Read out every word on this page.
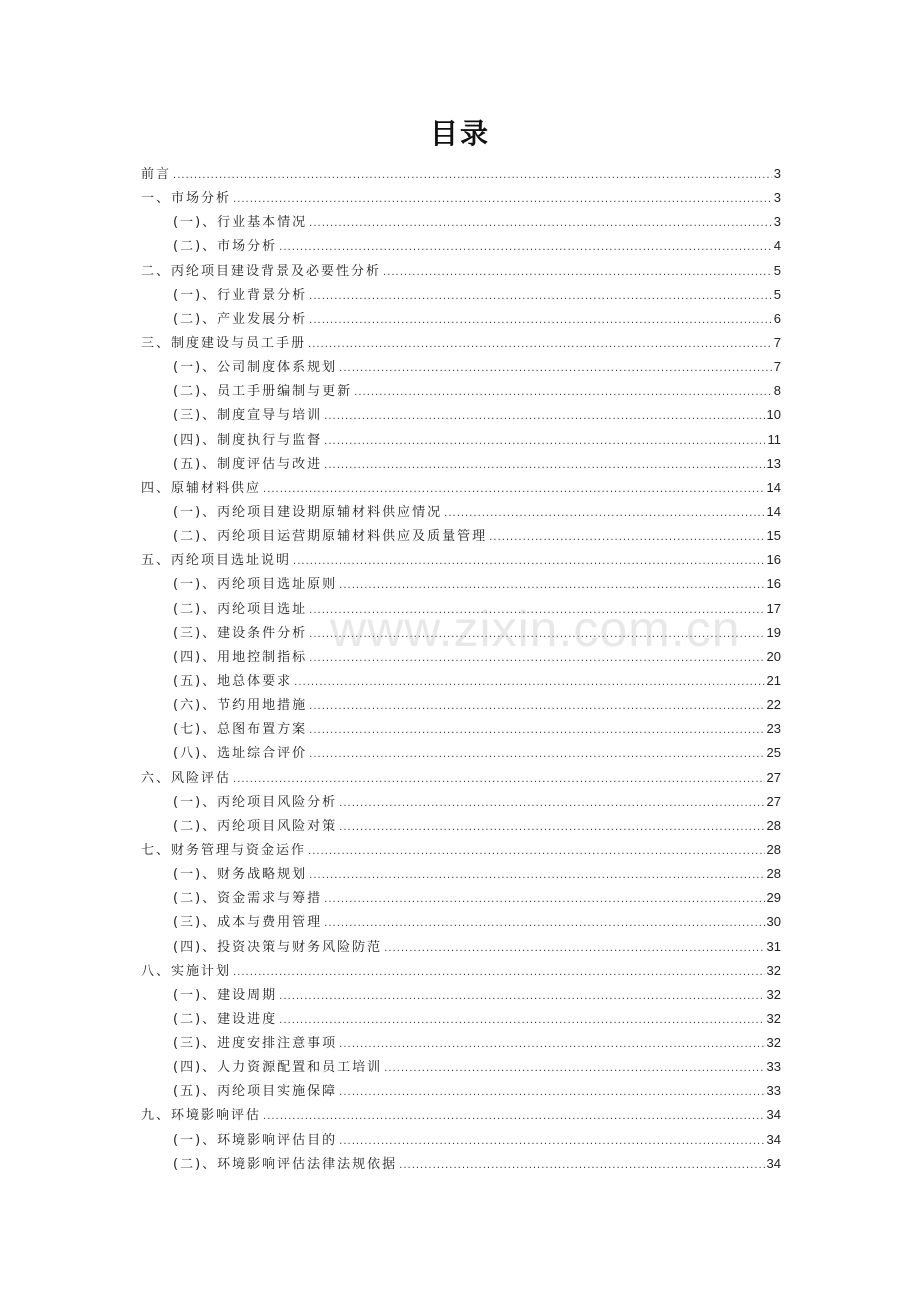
目录
前言 .....	3
一、市场分析 .....	3
(一)、行业基本情况 .....	3
(二)、市场分析 .....	4
二、丙纶项目建设背景及必要性分析 .....	5
(一)、行业背景分析 .....	5
(二)、产业发展分析 .....	6
三、制度建设与员工手册 .....	7
(一)、公司制度体系规划 .....	7
(二)、员工手册编制与更新 .....	8
(三)、制度宣导与培训 .....	10
(四)、制度执行与监督 .....	11
(五)、制度评估与改进 .....	13
四、原辅材料供应 .....	14
(一)、丙纶项目建设期原辅材料供应情况 .....	14
(二)、丙纶项目运营期原辅材料供应及质量管理 .....	15
五、丙纶项目选址说明 .....	16
(一)、丙纶项目选址原则 .....	16
(二)、丙纶项目选址 .....	17
(三)、建设条件分析 .....	19
(四)、用地控制指标 .....	20
(五)、地总体要求 .....	21
(六)、节约用地措施 .....	22
(七)、总图布置方案 .....	23
(八)、选址综合评价 .....	25
六、风险评估 .....	27
(一)、丙纶项目风险分析 .....	27
(二)、丙纶项目风险对策 .....	28
七、财务管理与资金运作 .....	28
(一)、财务战略规划 .....	28
(二)、资金需求与筹措 .....	29
(三)、成本与费用管理 .....	30
(四)、投资决策与财务风险防范 .....	31
八、实施计划 .....	32
(一)、建设周期 .....	32
(二)、建设进度 .....	32
(三)、进度安排注意事项 .....	32
(四)、人力资源配置和员工培训 .....	33
(五)、丙纶项目实施保障 .....	33
九、环境影响评估 .....	34
(一)、环境影响评估目的 .....	34
(二)、环境影响评估法律法规依据 .....	34
www.zixin.com.cn
